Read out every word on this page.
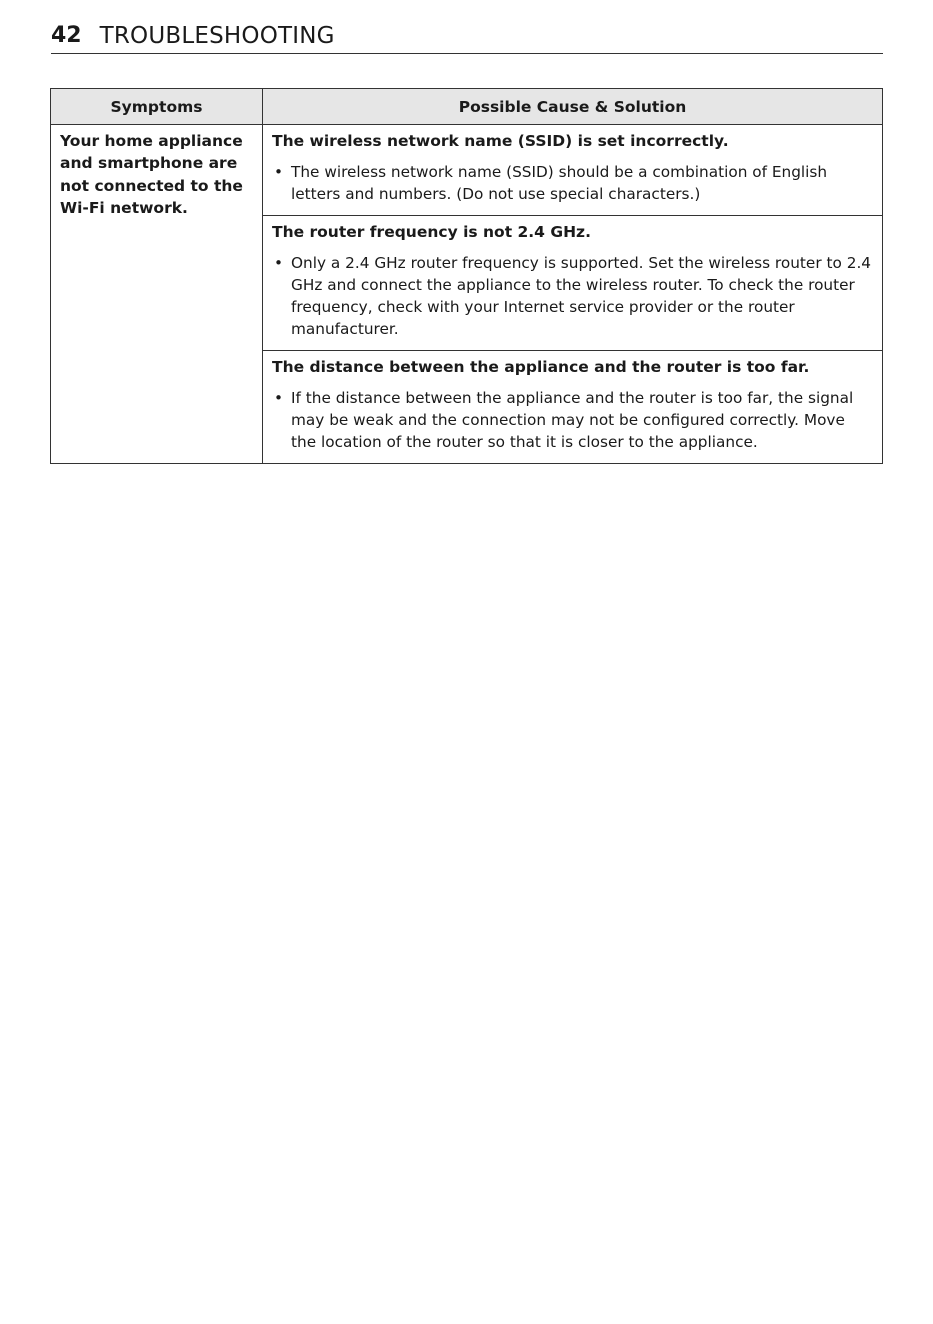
42 TROUBLESHOOTING
Symptoms	Possible Cause & Solution
Your home appliance and smartphone are not connected to the Wi-Fi network.	The wireless network name (SSID) is set incorrectly.
• The wireless network name (SSID) should be a combination of English letters and numbers. (Do not use special characters.)

	The router frequency is not 2.4 GHz.
• Only a 2.4 GHz router frequency is supported. Set the wireless router to 2.4 GHz and connect the appliance to the wireless router. To check the router frequency, check with your Internet service provider or the router manufacturer.

	The distance between the appliance and the router is too far.
• If the distance between the appliance and the router is too far, the signal may be weak and the connection may not be configured correctly. Move the location of the router so that it is closer to the appliance.
